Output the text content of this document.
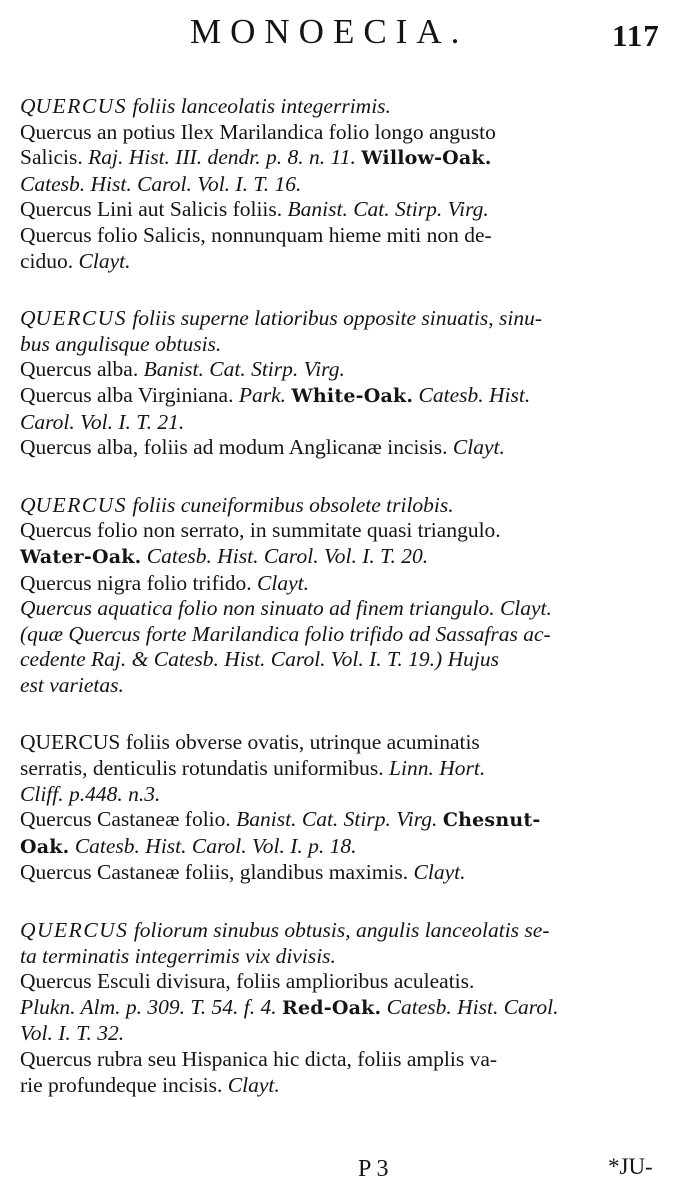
MONOECIA.	117
QUERCUS foliis lanceolatis integerrimis.
Quercus an potius Ilex Marilandica folio longo angusto
Salicis. Raj. Hist. III. dendr. p. 8. n. 11. Willow-Oak.
Catesb. Hist. Carol. Vol. I. T. 16.
Quercus Lini aut Salicis foliis. Banist. Cat. Stirp. Virg.
Quercus folio Salicis, nonnunquam hieme miti non de-
ciduo. Clayt.
QUERCUS foliis superne latioribus opposite sinuatis, sinu-
bus angulisque obtusis.
Quercus alba. Banist. Cat. Stirp. Virg.
Quercus alba Virginiana. Park. White-Oak. Catesb. Hist.
Carol. Vol. I. T. 21.
Quercus alba, foliis ad modum Anglicanæ incisis. Clayt.
QUERCUS foliis cuneiformibus obsolete trilobis.
Quercus folio non serrato, in summitate quasi triangulo.
Water-Oak. Catesb. Hist. Carol. Vol. I. T. 20.
Quercus nigra folio trifido. Clayt.
Quercus aquatica folio non sinuato ad finem triangulo. Clayt.
(quæ Quercus forte Marilandica folio trifido ad Sassafras ac-
cedente Raj. & Catesb. Hist. Carol. Vol. I. T. 19.) Hujus
est varietas.
QUERCUS foliis obverse ovatis, utrinque acuminatis
serratis, denticulis rotundatis uniformibus. Linn. Hort.
Cliff. p.448. n.3.
Quercus Castaneæ folio. Banist. Cat. Stirp. Virg. Chesnut-
Oak. Catesb. Hist. Carol. Vol. I. p. 18.
Quercus Castaneæ foliis, glandibus maximis. Clayt.
QUERCUS foliorum sinubus obtusis, angulis lanceolatis se-
ta terminatis integerrimis vix divisis.
Quercus Esculi divisura, foliis amplioribus aculeatis.
Plukn. Alm. p. 309. T. 54. f. 4. Red-Oak. Catesb. Hist. Carol.
Vol. I. T. 32.
Quercus rubra seu Hispanica hic dicta, foliis amplis va-
rie profundeque incisis. Clayt.
P 3	*JU-
